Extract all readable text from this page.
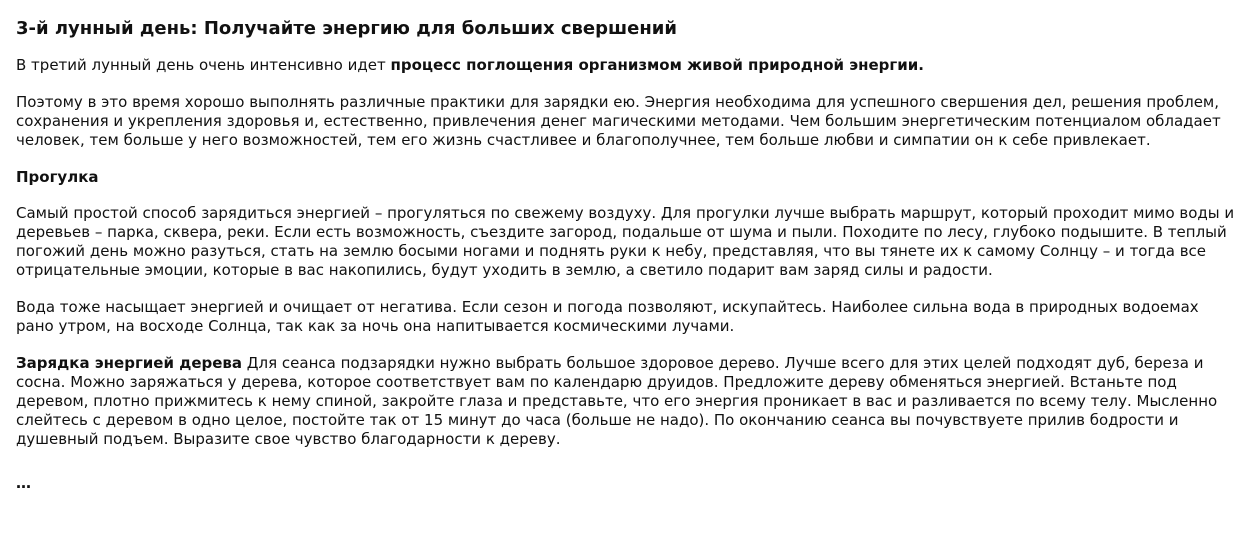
3-й лунный день: Получайте энергию для больших свершений

В третий лунный день очень интенсивно идет процесс поглощения организмом живой природной энергии.

Поэтому в это время хорошо выполнять различные практики для зарядки ею. Энергия необходима для успешного свершения дел, решения проблем, сохранения и укрепления здоровья и, естественно, привлечения денег магическими методами. Чем большим энергетическим потенциалом обладает человек, тем больше у него возможностей, тем его жизнь счастливее и благополучнее, тем больше любви и симпатии он к себе привлекает.

Прогулка

Самый простой способ зарядиться энергией – прогуляться по свежему воздуху. Для прогулки лучше выбрать маршрут, который проходит мимо воды и деревьев – парка, сквера, реки. Если есть возможность, съездите загород, подальше от шума и пыли. Походите по лесу, глубоко подышите. В теплый погожий день можно разуться, стать на землю босыми ногами и поднять руки к небу, представляя, что вы тянете их к самому Солнцу – и тогда все отрицательные эмоции, которые в вас накопились, будут уходить в землю, а светило подарит вам заряд силы и радости.

Вода тоже насыщает энергией и очищает от негатива. Если сезон и погода позволяют, искупайтесь. Наиболее сильна вода в природных водоемах рано утром, на восходе Солнца, так как за ночь она напитывается космическими лучами.

Зарядка энергией дерева Для сеанса подзарядки нужно выбрать большое здоровое дерево. Лучше всего для этих целей подходят дуб, береза и сосна. Можно заряжаться у дерева, которое соответствует вам по календарю друидов. Предложите дереву обменяться энергией. Встаньте под деревом, плотно прижмитесь к нему спиной, закройте глаза и представьте, что его энергия проникает в вас и разливается по всему телу. Мысленно слейтесь с деревом в одно целое, постойте так от 15 минут до часа (больше не надо). По окончанию сеанса вы почувствуете прилив бодрости и душевный подъем. Выразите свое чувство благодарности к дереву.

…
